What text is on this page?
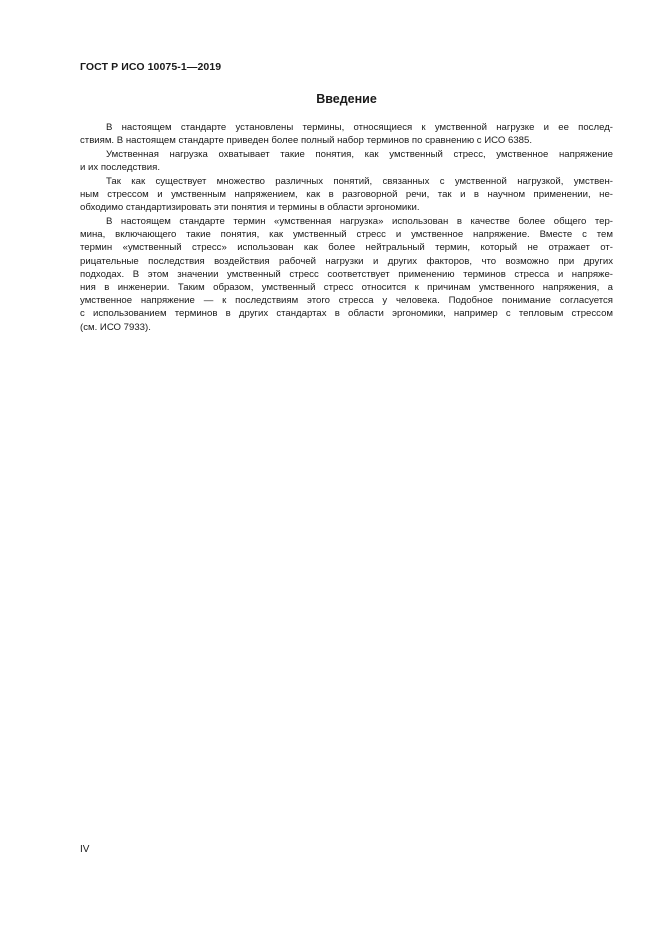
ГОСТ Р ИСО 10075-1—2019
Введение
В настоящем стандарте установлены термины, относящиеся к умственной нагрузке и ее послед-
ствиям. В настоящем стандарте приведен более полный набор терминов по сравнению с ИСО 6385.
Умственная нагрузка охватывает такие понятия, как умственный стресс, умственное напряжение
и их последствия.
Так как существует множество различных понятий, связанных с умственной нагрузкой, умствен-
ным стрессом и умственным напряжением, как в разговорной речи, так и в научном применении, не-
обходимо стандартизировать эти понятия и термины в области эргономики.
В настоящем стандарте термин «умственная нагрузка» использован в качестве более общего тер-
мина, включающего такие понятия, как умственный стресс и умственное напряжение. Вместе с тем
термин «умственный стресс» использован как более нейтральный термин, который не отражает от-
рицательные последствия воздействия рабочей нагрузки и других факторов, что возможно при других
подходах. В этом значении умственный стресс соответствует применению терминов стресса и напряже-
ния в инженерии. Таким образом, умственный стресс относится к причинам умственного напряжения, а
умственное напряжение — к последствиям этого стресса у человека. Подобное понимание согласуется
с использованием терминов в других стандартах в области эргономики, например с тепловым стрессом
(см. ИСО 7933).
IV
